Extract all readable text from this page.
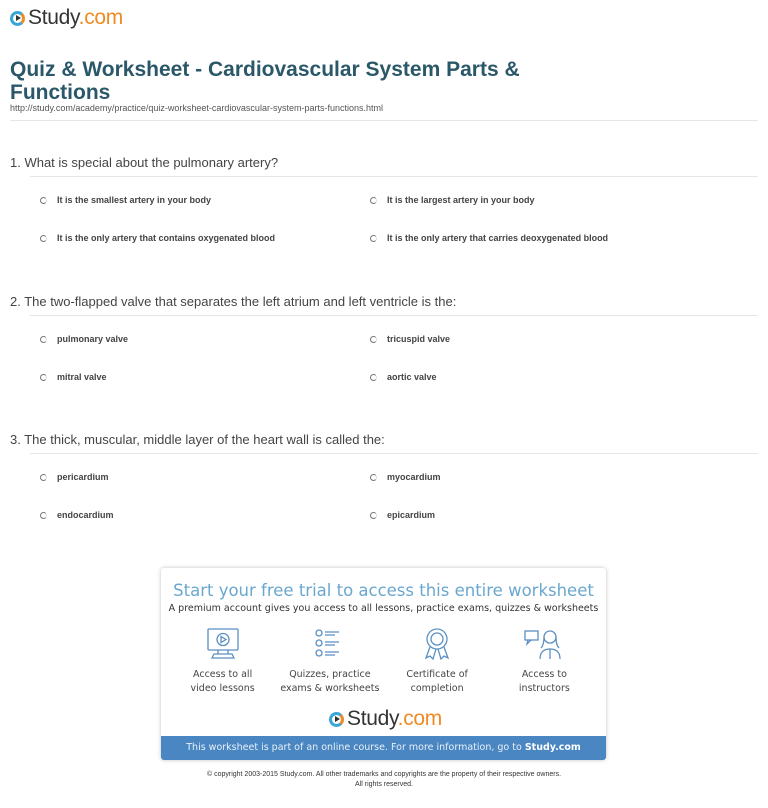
Study.com
Quiz & Worksheet - Cardiovascular System Parts & Functions
http://study.com/academy/practice/quiz-worksheet-cardiovascular-system-parts-functions.html
1. What is special about the pulmonary artery?
It is the smallest artery in your body	It is the largest artery in your body
It is the only artery that contains oxygenated blood	It is the only artery that carries deoxygenated blood
2. The two-flapped valve that separates the left atrium and left ventricle is the:
pulmonary valve	tricuspid valve
mitral valve	aortic valve
3. The thick, muscular, middle layer of the heart wall is called the:
pericardium	myocardium
endocardium	epicardium
Start your free trial to access this entire worksheet
A premium account gives you access to all lessons, practice exams, quizzes & worksheets
Access to all
video lessons
Quizzes, practice
exams & worksheets
Certificate of
completion
Access to
instructors
Study.com
This worksheet is part of an online course. For more information, go to Study.com
© copyright 2003-2015 Study.com. All other trademarks and copyrights are the property of their respective owners.
All rights reserved.
